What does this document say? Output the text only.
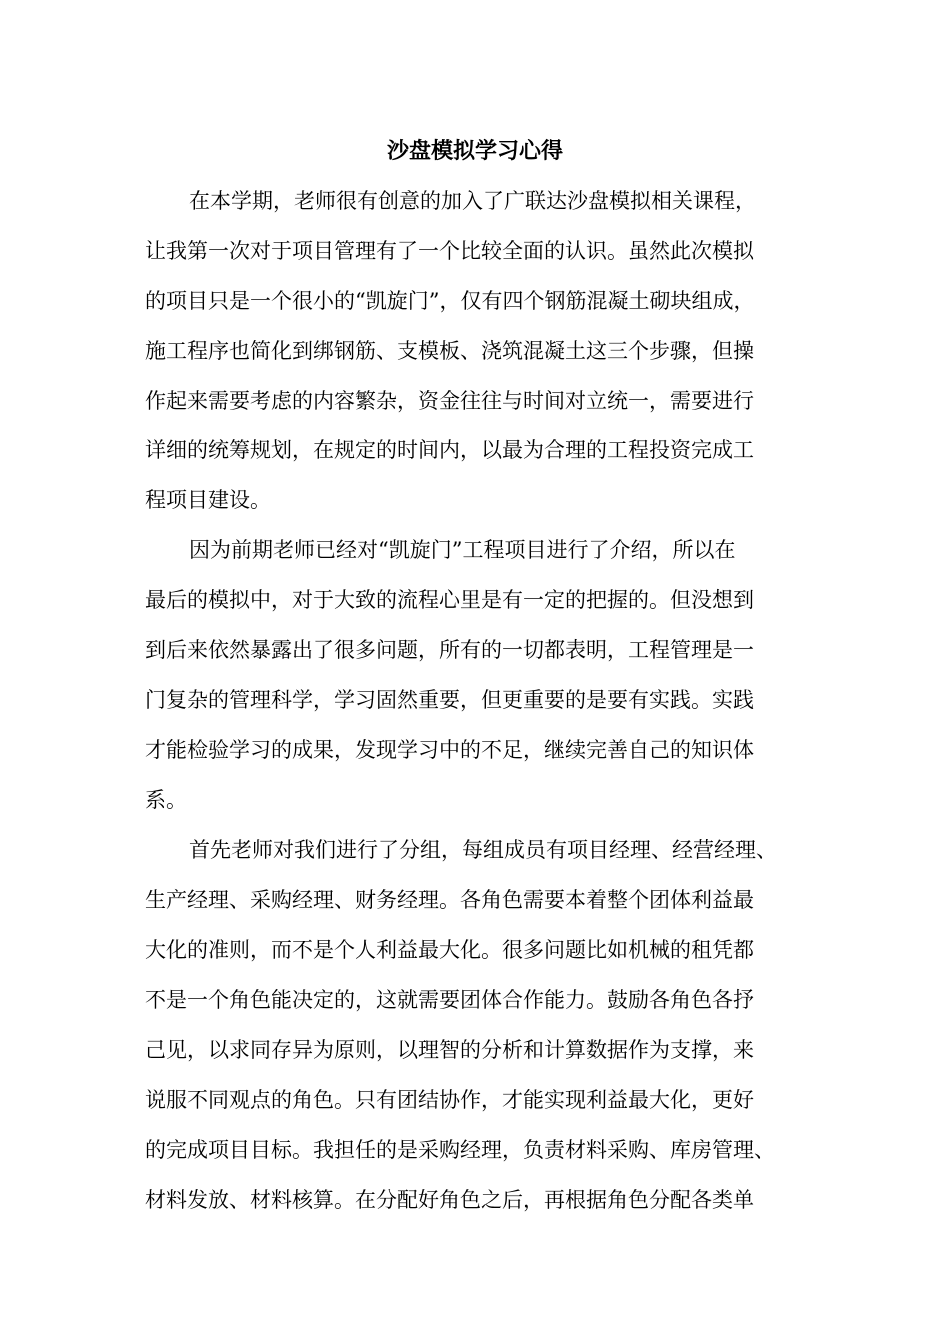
沙盘模拟学习心得
在本学期，老师很有创意的加入了广联达沙盘模拟相关课程，
让我第一次对于项目管理有了一个比较全面的认识。虽然此次模拟
的项目只是一个很小的“凯旋门”，仅有四个钢筋混凝土砌块组成，
施工程序也简化到绑钢筋、支模板、浇筑混凝土这三个步骤，但操
作起来需要考虑的内容繁杂，资金往往与时间对立统一，需要进行
详细的统筹规划，在规定的时间内，以最为合理的工程投资完成工
程项目建设。
因为前期老师已经对“凯旋门”工程项目进行了介绍，所以在
最后的模拟中，对于大致的流程心里是有一定的把握的。但没想到
到后来依然暴露出了很多问题，所有的一切都表明，工程管理是一
门复杂的管理科学，学习固然重要，但更重要的是要有实践。实践
才能检验学习的成果，发现学习中的不足，继续完善自己的知识体
系。
首先老师对我们进行了分组，每组成员有项目经理、经营经理、
生产经理、采购经理、财务经理。各角色需要本着整个团体利益最
大化的准则，而不是个人利益最大化。很多问题比如机械的租凭都
不是一个角色能决定的，这就需要团体合作能力。鼓励各角色各抒
己见，以求同存异为原则，以理智的分析和计算数据作为支撑，来
说服不同观点的角色。只有团结协作，才能实现利益最大化，更好
的完成项目目标。我担任的是采购经理，负责材料采购、库房管理、
材料发放、材料核算。在分配好角色之后，再根据角色分配各类单
